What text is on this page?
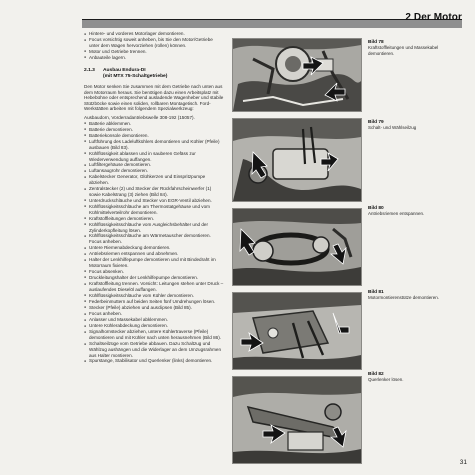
2 Der Motor

● Hintere- und vorderes Motorlager demontieren.

● Focus vorsichtig soweit anheben, bis Sie den Motor/Getriebe unter dem Wagen hervorziehen (rollen) können.

● Motor und Getriebe trennen.

● Anbauteile lagern.

2.1.3 Ausbau Endura-DI

(mit MTX 75-Schaltgetriebe)

Den Motor senken Sie zusammen mit dem Getriebe nach unten aus dem Motorraum heraus. Sie benötigen dazu einen Arbeitsplatz mit Hebebühne oder entsprechend ausladende Wagenheber und stabile Stützböcke sowie einen soliden, rollbaren Montagetisch. Ford-Werkstätten arbeiten mit folgendem Spezialwerkzeug:

Ausbaudorn, Vorderradantriebswelle 308-192 (15057).

● Batterie abklemmen.

● Batterie demontieren.

● Batteriekonsole demontieren.

● Luftführung des Ladeluftkühlers demontieren und Kühler (Pfeile) ausbauen (Bild 83).

● Kühlflüssigkeit ablassen und in sauberen Gefäss zur Wiederverwendung auffangen.

● Luftfiltergehäuse demontieren.

● Luftansaugrohr demontieren.

● Kabelstecker Generator, Glühkerzen und Einspritzpumpe abziehen.

● Zentralstecker (2) und Stecker der Rückfahrscheinwerfer (1) sowie Kabelstrang (3) ziehen (Bild 84).

● Unterdruckschläuche und Stecker von EGR-Ventil abziehen.

● Kühlflüssigkeitsschläuche am Thermostatgehäuse und vom Kühlmittelverteilrohr demontieren.

● Kraftstoffleitungen demontieren.

● Kühlflüssigkeitsschläuche vom Ausgleichsbehälter und der Zylinderkopfleitung lösen.

● Kühlflüssigkeitsschläuche am Wärmetauscher demontieren. Focus anheben.

● Untere Riemenabdeckung demontieren.

● Antriebsriemen entspannen und abnehmen.

● Halter der Lenkhilfepumpe demontieren und mit Bindedraht im Motorraum fixieren.

● Focus absenken.

● Druckleitungshalter der Lenkhilfepumpe demontieren.

● Kraftstoffleitung trennen. Vorsicht: Leitungen stehen unter Druck – auslaufendes Dieselöl auffangen.

● Kühlflüssigkeitsschläuche vom Kühler demontieren.

● Federbeinmuttern auf beiden Seiten fünf Umdrehungen lösen.

● Stecker (Pfeile) abziehen und ausclipsen (Bild 85).

● Focus anheben.

● Anlasser und Massekabel abklemmen.

● Untere Kühlerabdeckung demontieren.

● Signalhornstecker abziehen, untere Kühlertraverse (Pfeile) demontieren und mit Kühler nach unten herausnehmen (Bild 86).

● Schaltseilzüge vom Getriebe abbauen. Dazu Schaltzug und Wählzug aushängen und die Widerlager an dem Umzugsrahmen aus Halter montieren.

● Spurstange, Stabilisator und Querlenker (links) demontieren.

Bild 78
Kraftstoffleitungen und Massekabel demontieren.
Bild 79
Schalt- und Wählseilzug
Bild 80
Antriebsriemen entspannen.
Bild 81
Motormontierenstütze demontieren.
Bild 82
Querlenker lösen.
31
